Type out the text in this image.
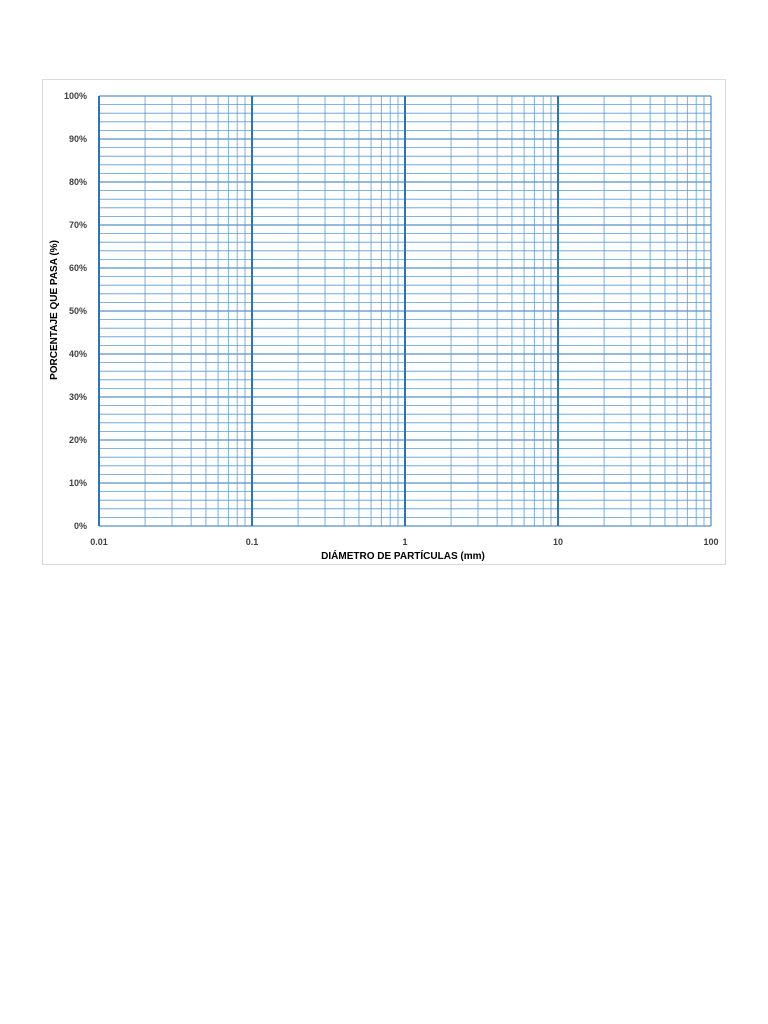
0%
10%
20%
30%
40%
50%
60%
70%
80%
90%
100%
0.01	0.1	1	10	100
DIÁMETRO DE PARTÍCULAS (mm)
PORCENTAJE QUE PASA (%)
